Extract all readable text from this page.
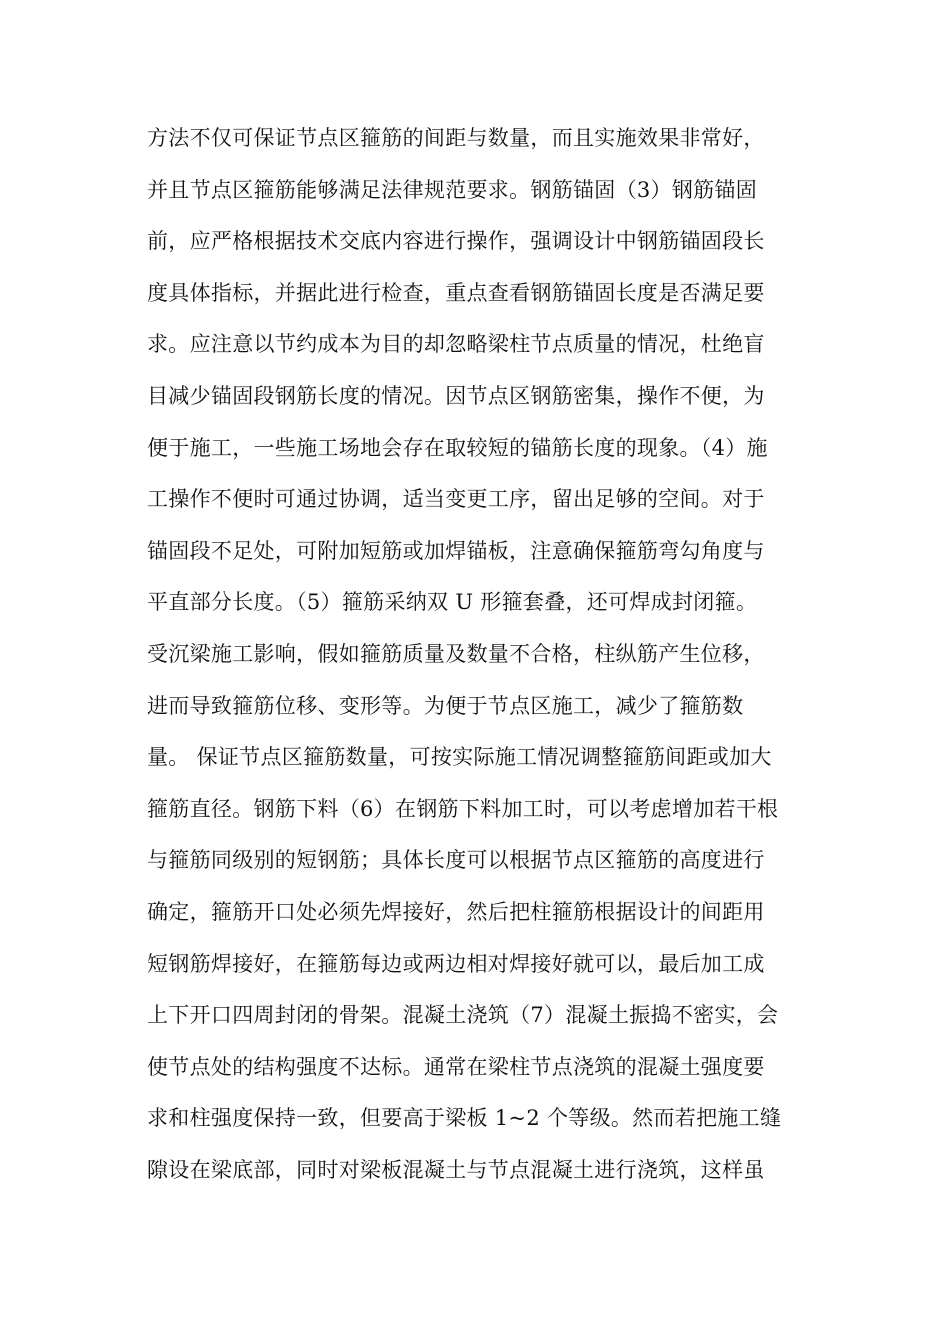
方法不仅可保证节点区箍筋的间距与数量，而且实施效果非常好，
并且节点区箍筋能够满足法律规范要求。钢筋锚固（3）钢筋锚固
前，应严格根据技术交底内容进行操作，强调设计中钢筋锚固段长
度具体指标，并据此进行检查，重点查看钢筋锚固长度是否满足要
求。应注意以节约成本为目的却忽略梁柱节点质量的情况，杜绝盲
目减少锚固段钢筋长度的情况。因节点区钢筋密集，操作不便，为
便于施工，一些施工场地会存在取较短的锚筋长度的现象。（4）施
工操作不便时可通过协调，适当变更工序，留出足够的空间。对于
锚固段不足处，可附加短筋或加焊锚板，注意确保箍筋弯勾角度与
平直部分长度。（5）箍筋采纳双 U 形箍套叠，还可焊成封闭箍。
受沉梁施工影响，假如箍筋质量及数量不合格，柱纵筋产生位移，
进而导致箍筋位移、变形等。为便于节点区施工，减少了箍筋数
量。 保证节点区箍筋数量，可按实际施工情况调整箍筋间距或加大
箍筋直径。钢筋下料（6）在钢筋下料加工时，可以考虑增加若干根
与箍筋同级别的短钢筋；具体长度可以根据节点区箍筋的高度进行
确定，箍筋开口处必须先焊接好，然后把柱箍筋根据设计的间距用
短钢筋焊接好，在箍筋每边或两边相对焊接好就可以，最后加工成
上下开口四周封闭的骨架。混凝土浇筑（7）混凝土振捣不密实，会
使节点处的结构强度不达标。通常在梁柱节点浇筑的混凝土强度要
求和柱强度保持一致，但要高于梁板 1~2 个等级。然而若把施工缝
隙设在梁底部，同时对梁板混凝土与节点混凝土进行浇筑，这样虽
